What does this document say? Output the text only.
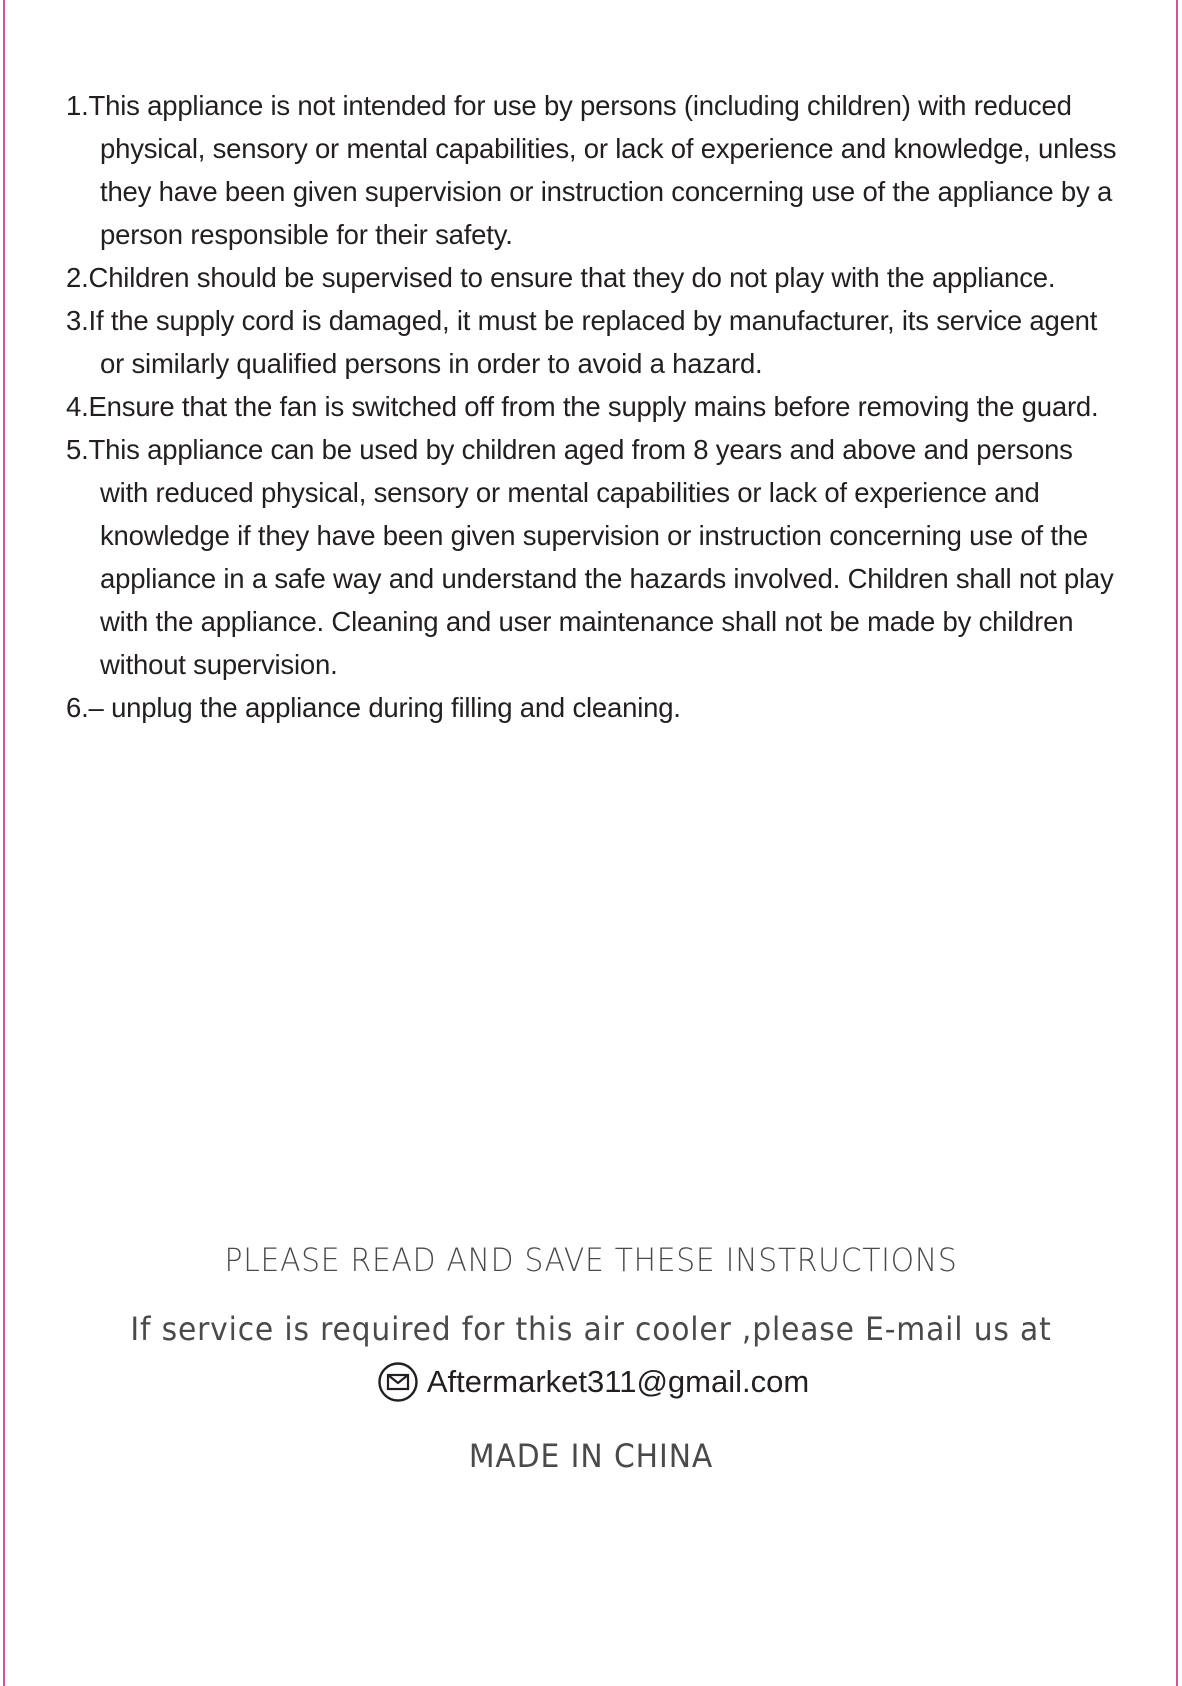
1.This appliance is not intended for use by persons (including children) with reduced physical, sensory or mental capabilities, or lack of experience and knowledge, unless they have been given supervision or instruction concerning use of the appliance by a person responsible for their safety.
2.Children should be supervised to ensure that they do not play with the appliance.
3.If the supply cord is damaged, it must be replaced by manufacturer, its service agent or similarly qualified persons in order to avoid a hazard.
4.Ensure that the fan is switched off from the supply mains before removing the guard.
5.This appliance can be used by children aged from 8 years and above and persons with reduced physical, sensory or mental capabilities or lack of experience and knowledge if they have been given supervision or instruction concerning use of the appliance in a safe way and understand the hazards involved. Children shall not play with the appliance. Cleaning and user maintenance shall not be made by children without supervision.
6.– unplug the appliance during filling and cleaning.
PLEASE READ AND SAVE THESE INSTRUCTIONS
If service is required for this air cooler ,please E-mail us at
Aftermarket311@gmail.com
MADE IN CHINA
